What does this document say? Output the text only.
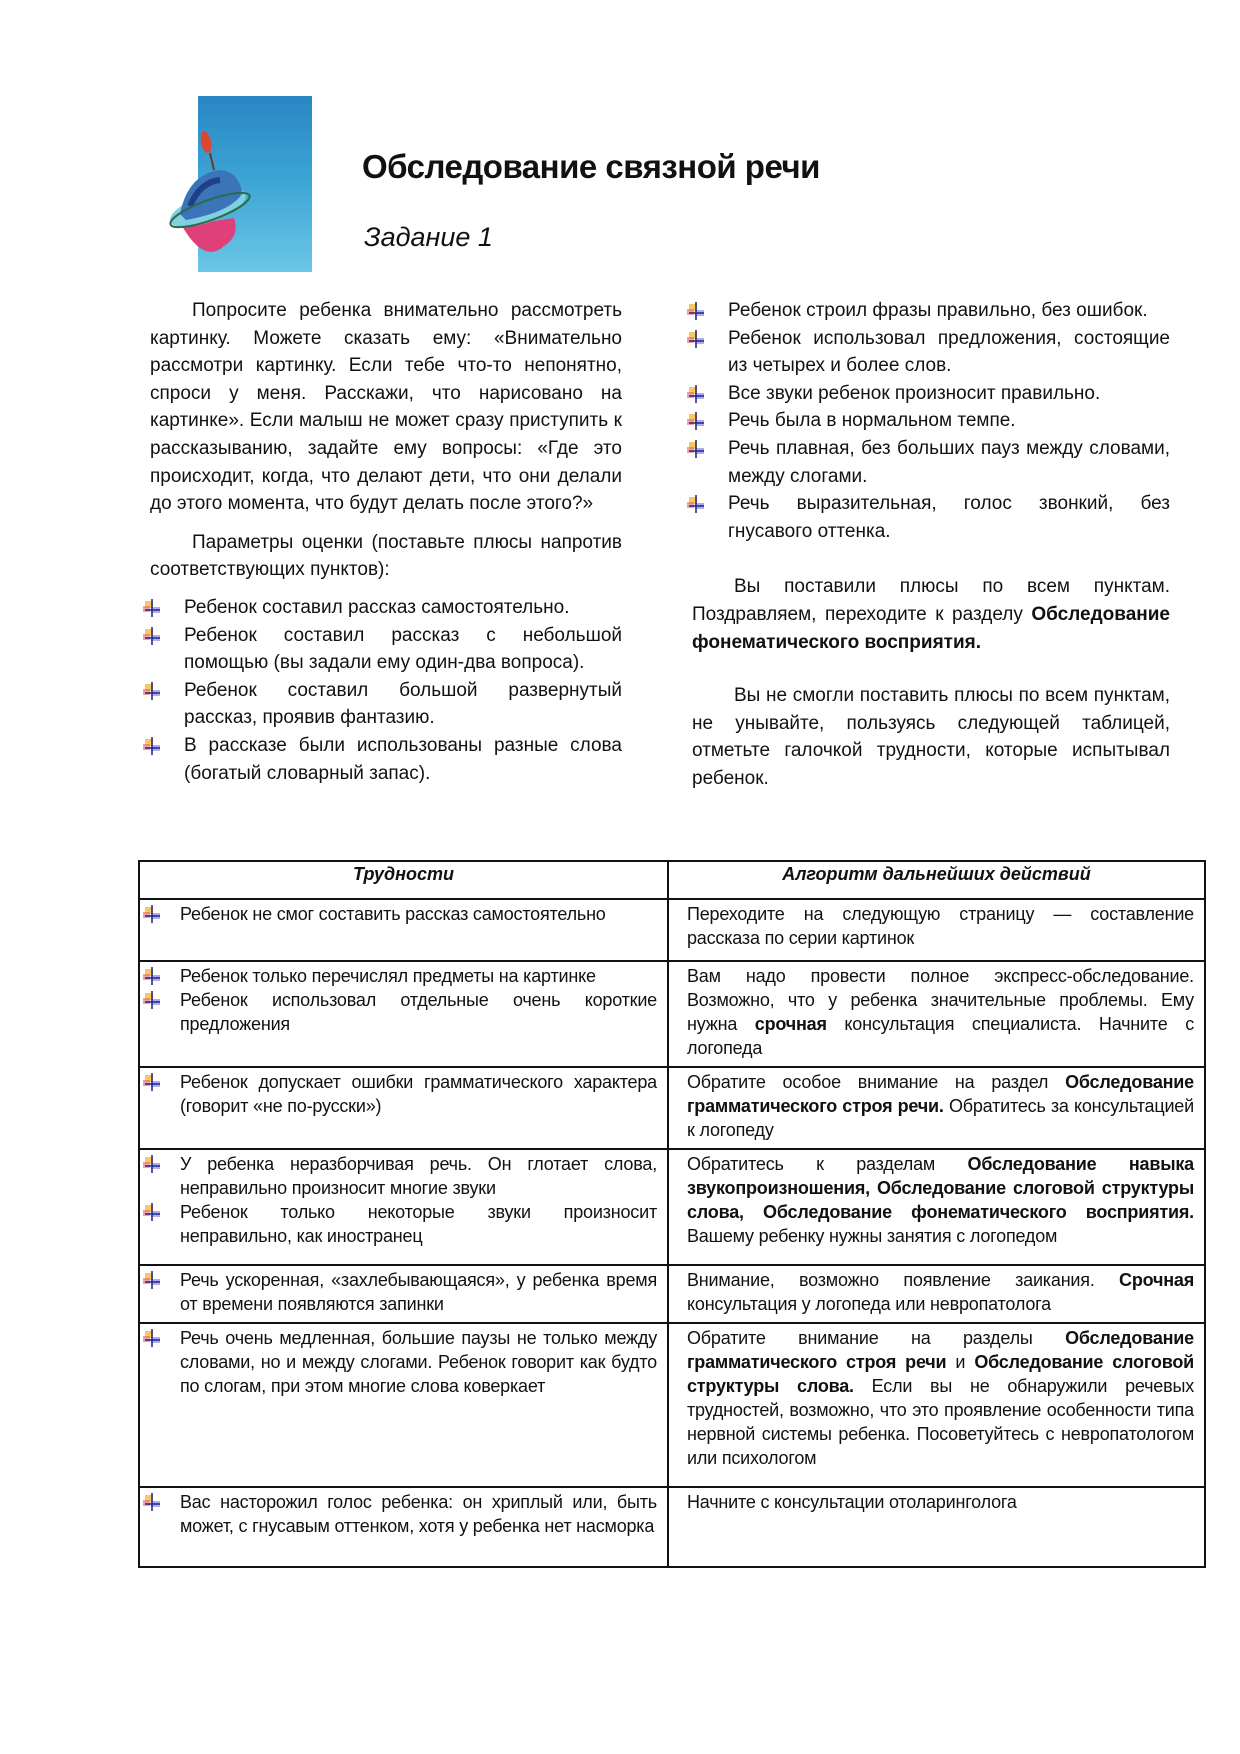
Обследование связной речи
Задание 1

Попросите ребенка внимательно рассмотреть картинку. Можете сказать ему: «Внимательно рассмотри картинку. Если тебе что-то непонятно, спроси у меня. Расскажи, что нарисовано на картинке». Если малыш не может сразу приступить к рассказыванию, задайте ему вопросы: «Где это происходит, когда, что делают дети, что они делали до этого момента, что будут делать после этого?»

Параметры оценки (поставьте плюсы напротив соответствующих пунктов):

Ребенок составил рассказ самостоятельно.
Ребенок составил рассказ с небольшой помощью (вы задали ему один-два вопроса).
Ребенок составил большой развернутый рассказ, проявив фантазию.
В рассказе были использованы разные слова (богатый словарный запас).
Ребенок строил фразы правильно, без ошибок.
Ребенок использовал предложения, состоящие из четырех и более слов.
Все звуки ребенок произносит правильно.
Речь была в нормальном темпе.
Речь плавная, без больших пауз между словами, между слогами.
Речь выразительная, голос звонкий, без гнусавого оттенка.

Вы поставили плюсы по всем пунктам. Поздравляем, переходите к разделу Обследование фонематического восприятия.

Вы не смогли поставить плюсы по всем пунктам, не унывайте, пользуясь следующей таблицей, отметьте галочкой трудности, которые испытывал ребенок.

Трудности	Алгоритм дальнейших действий

Ребенок не смог составить рассказ самостоятельно	Переходите на следующую страницу — составление рассказа по серии картинок

Ребенок только перечислял предметы на картинке
Ребенок использовал отдельные очень короткие предложения	Вам надо провести полное экспресс-обследование. Возможно, что у ребенка значительные проблемы. Ему нужна срочная консультация специалиста. Начните с логопеда

Ребенок допускает ошибки грамматического характера (говорит «не по-русски»)	Обратите особое внимание на раздел Обследование грамматического строя речи. Обратитесь за консультацией к логопеду

У ребенка неразборчивая речь. Он глотает слова, неправильно произносит многие звуки
Ребенок только некоторые звуки произносит неправильно, как иностранец	Обратитесь к разделам Обследование навыка звукопроизношения, Обследование слоговой структуры слова, Обследование фонематического восприятия. Вашему ребенку нужны занятия с логопедом

Речь ускоренная, «захлебывающаяся», у ребенка время от времени появляются запинки	Внимание, возможно появление заикания. Срочная консультация у логопеда или невропатолога

Речь очень медленная, большие паузы не только между словами, но и между слогами. Ребенок говорит как будто по слогам, при этом многие слова коверкает	Обратите внимание на разделы Обследование грамматического строя речи и Обследование слоговой структуры слова. Если вы не обнаружили речевых трудностей, возможно, что это проявление особенности типа нервной системы ребенка. Посоветуйтесь с невропатологом или психологом

Вас насторожил голос ребенка: он хриплый или, быть может, с гнусавым оттенком, хотя у ребенка нет насморка	Начните с консультации отоларинголога
